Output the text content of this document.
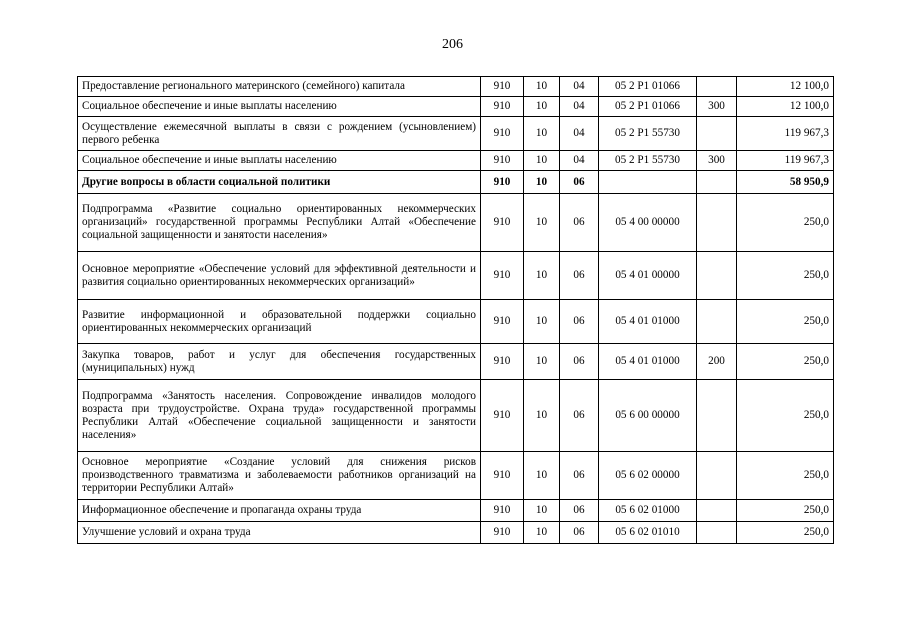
206
Предоставление регионального материнского (семейного) капитала	910	10	04	05 2 Р1 01066		12 100,0
Социальное обеспечение и иные выплаты населению	910	10	04	05 2 Р1 01066	300	12 100,0
Осуществление ежемесячной выплаты в связи с рождением (усыновлением) первого ребенка	910	10	04	05 2 Р1 55730		119 967,3
Социальное обеспечение и иные выплаты населению	910	10	04	05 2 Р1 55730	300	119 967,3
Другие вопросы в области социальной политики	910	10	06			58 950,9
Подпрограмма «Развитие социально ориентированных некоммерческих организаций» государственной программы Республики Алтай «Обеспечение социальной защищенности и занятости населения»	910	10	06	05 4 00 00000		250,0
Основное мероприятие «Обеспечение условий для эффективной деятельности и развития социально ориентированных некоммерческих организаций»	910	10	06	05 4 01 00000		250,0
Развитие информационной и образовательной поддержки социально ориентированных некоммерческих организаций	910	10	06	05 4 01 01000		250,0
Закупка товаров, работ и услуг для обеспечения государственных (муниципальных) нужд	910	10	06	05 4 01 01000	200	250,0
Подпрограмма «Занятость населения. Сопровождение инвалидов молодого возраста при трудоустройстве. Охрана труда» государственной программы Республики Алтай «Обеспечение социальной защищенности и занятости населения»	910	10	06	05 6 00 00000		250,0
Основное мероприятие «Создание условий для снижения рисков производственного травматизма и заболеваемости работников организаций на территории Республики Алтай»	910	10	06	05 6 02 00000		250,0
Информационное обеспечение и пропаганда охраны труда	910	10	06	05 6 02 01000		250,0
Улучшение условий и охрана труда	910	10	06	05 6 02 01010		250,0
